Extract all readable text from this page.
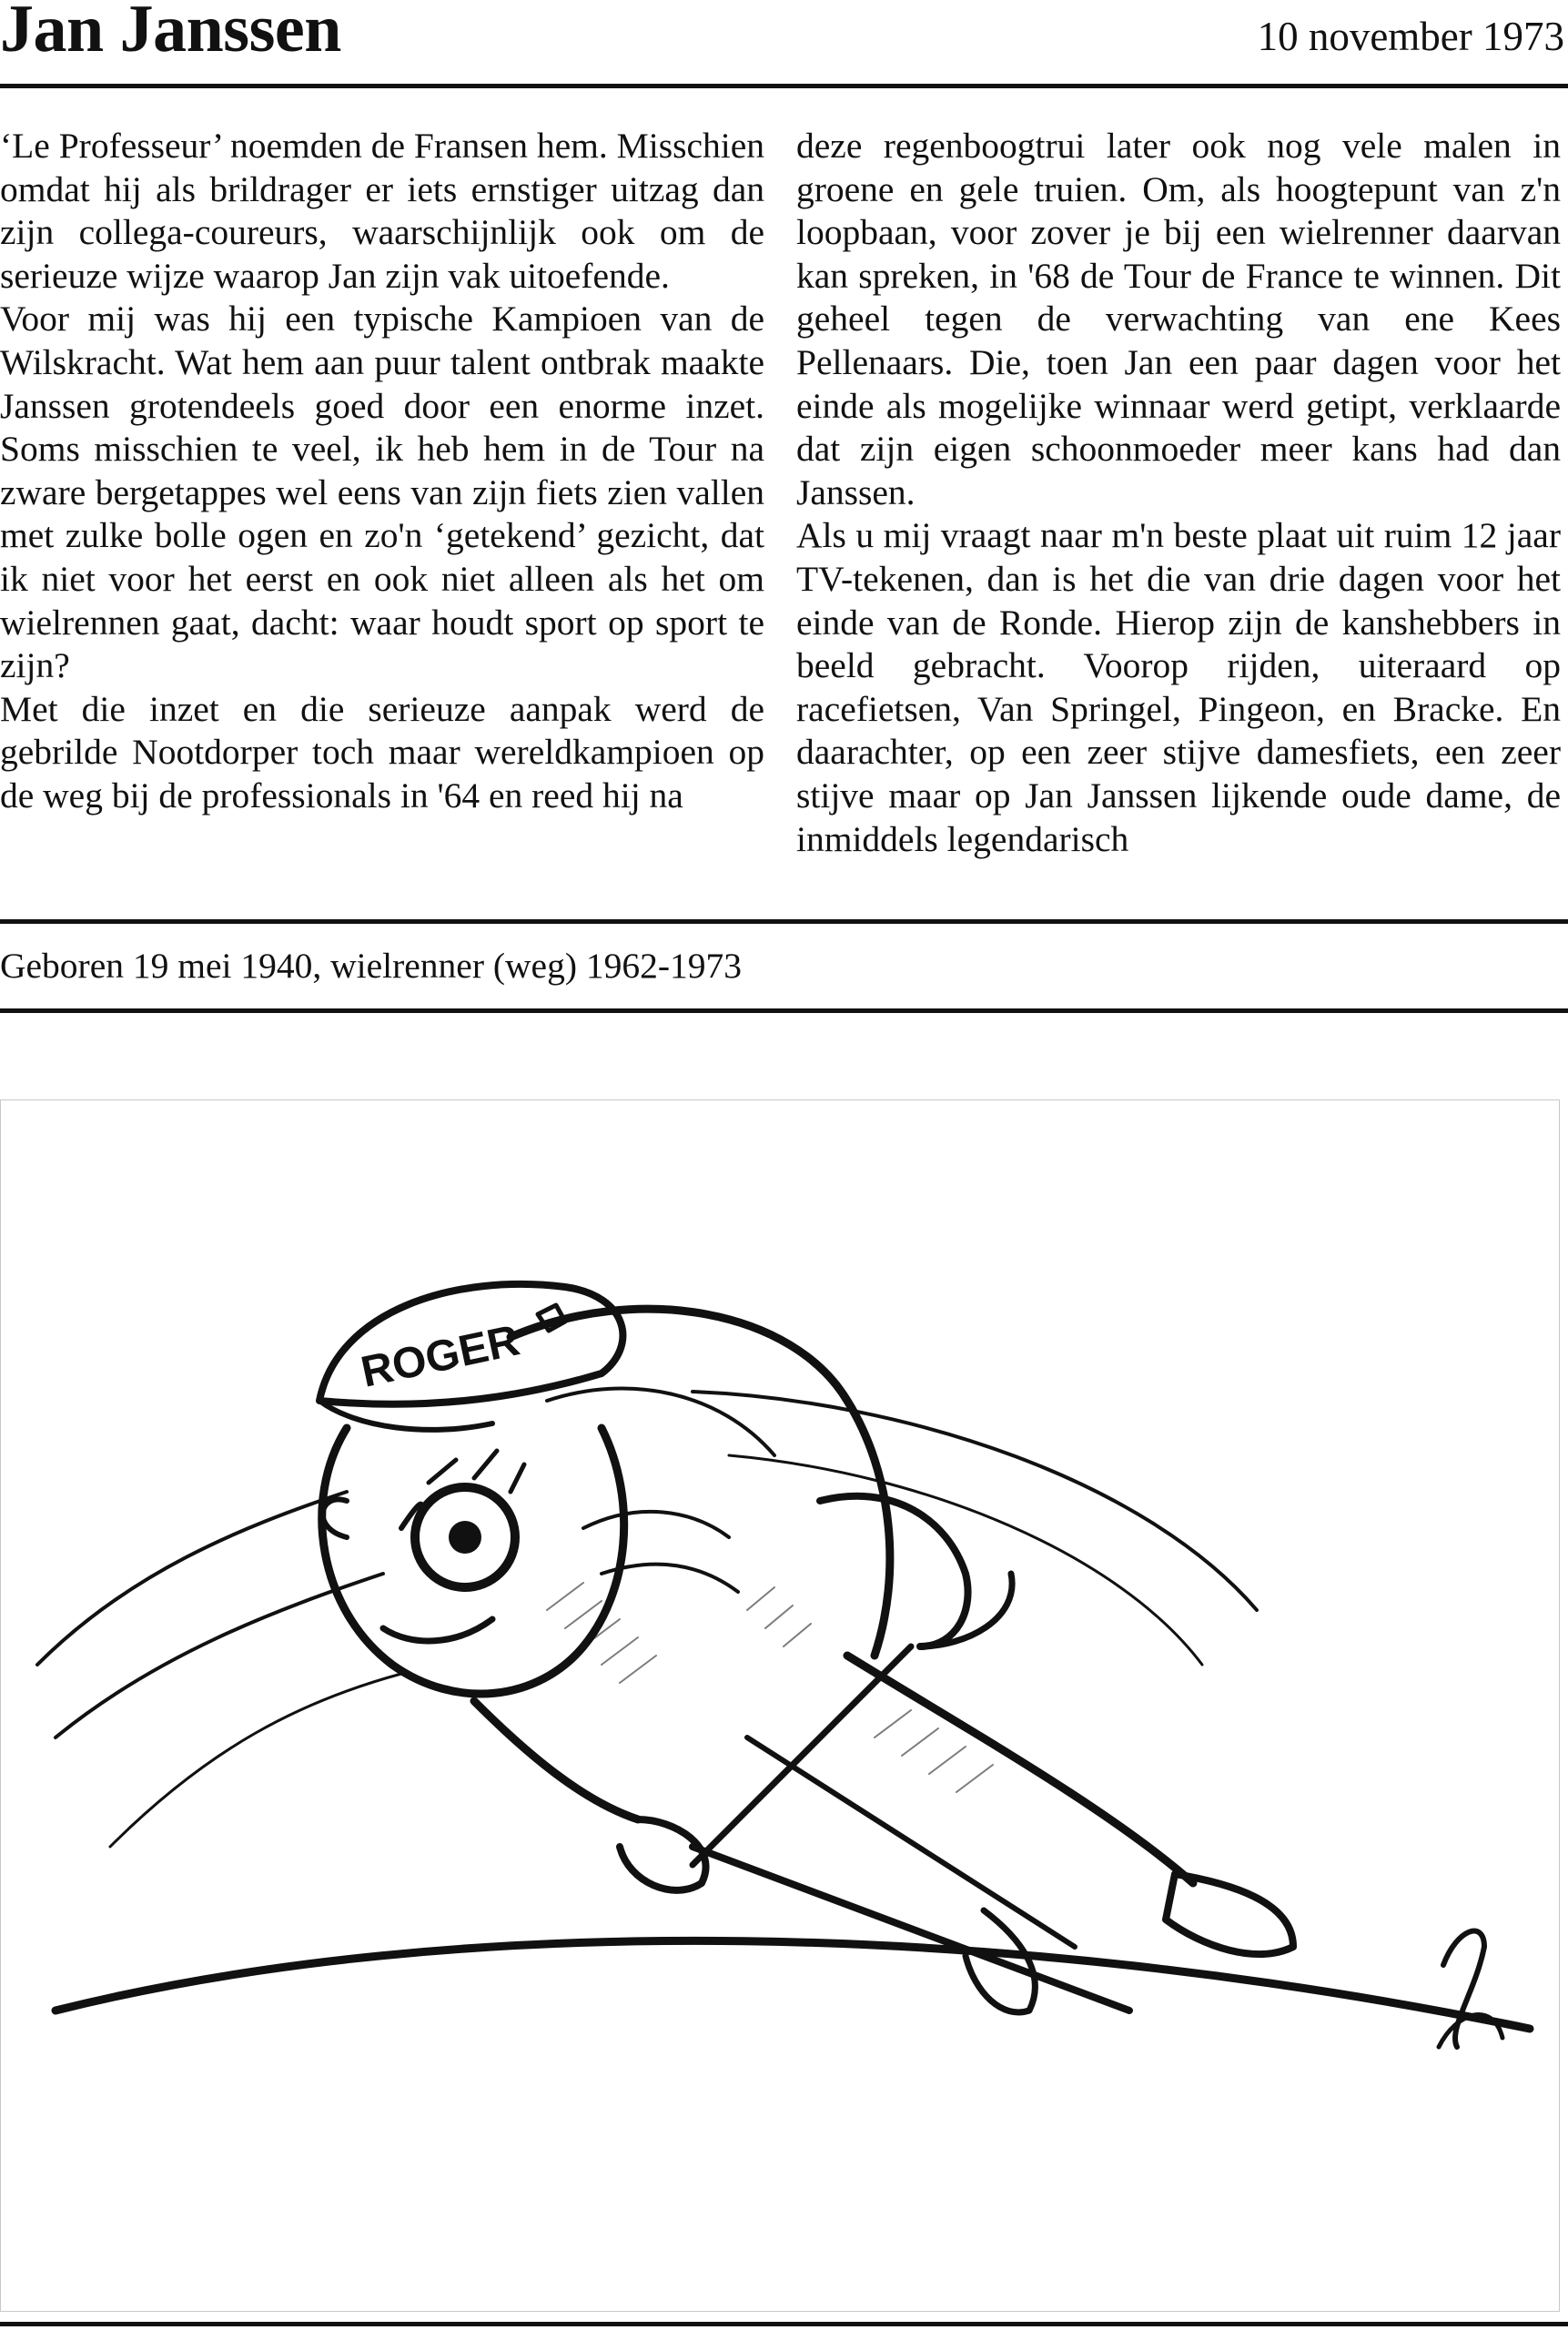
Jan Janssen	10 november 1973

‘Le Professeur’ noemden de Fransen hem. Misschien omdat hij als brildrager er iets ernstiger uitzag dan zijn collega-coureurs, waarschijnlijk ook om de serieuze wijze waarop Jan zijn vak uitoefende.

Voor mij was hij een typische Kampioen van de Wilskracht. Wat hem aan puur talent ontbrak maakte Janssen grotendeels goed door een enorme inzet. Soms misschien te veel, ik heb hem in de Tour na zware bergetappes wel eens van zijn fiets zien vallen met zulke bolle ogen en zo'n ‘getekend’ gezicht, dat ik niet voor het eerst en ook niet alleen als het om wielrennen gaat, dacht: waar houdt sport op sport te zijn?

Met die inzet en die serieuze aanpak werd de gebrilde Nootdorper toch maar wereldkampioen op de weg bij de professionals in '64 en reed hij na

deze regenboogtrui later ook nog vele malen in groene en gele truien. Om, als hoogtepunt van z'n loopbaan, voor zover je bij een wielrenner daarvan kan spreken, in '68 de Tour de France te winnen. Dit geheel tegen de verwachting van ene Kees Pellenaars. Die, toen Jan een paar dagen voor het einde als mogelijke winnaar werd getipt, verklaarde dat zijn eigen schoonmoeder meer kans had dan Janssen.

Als u mij vraagt naar m'n beste plaat uit ruim 12 jaar TV-tekenen, dan is het die van drie dagen voor het einde van de Ronde. Hierop zijn de kanshebbers in beeld gebracht. Voorop rijden, uiteraard op racefietsen, Van Springel, Pingeon, en Bracke. En daarachter, op een zeer stijve damesfiets, een zeer stijve maar op Jan Janssen lijkende oude dame, de inmiddels legendarisch

Geboren 19 mei 1940, wielrenner (weg) 1962-1973
ROGER
